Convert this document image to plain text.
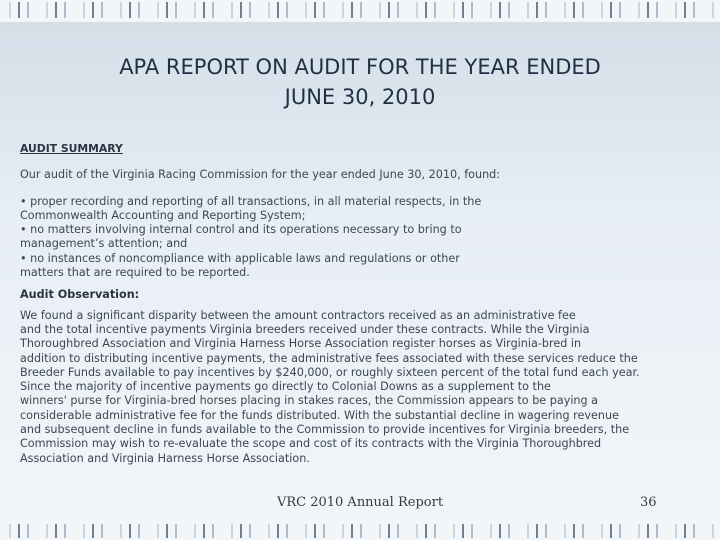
APA REPORT ON AUDIT FOR THE YEAR ENDED
JUNE 30, 2010
AUDIT SUMMARY

Our audit of the Virginia Racing Commission for the year ended June 30, 2010, found:

• proper recording and reporting of all transactions, in all material respects, in the
Commonwealth Accounting and Reporting System;
• no matters involving internal control and its operations necessary to bring to
management’s attention; and
• no instances of noncompliance with applicable laws and regulations or other
matters that are required to be reported.
Audit Observation:
We found a significant disparity between the amount contractors received as an administrative fee
and the total incentive payments Virginia breeders received under these contracts. While the Virginia
Thoroughbred Association and Virginia Harness Horse Association register horses as Virginia-bred in
addition to distributing incentive payments, the administrative fees associated with these services reduce the
Breeder Funds available to pay incentives by $240,000, or roughly sixteen percent of the total fund each year.
Since the majority of incentive payments go directly to Colonial Downs as a supplement to the
winners' purse for Virginia-bred horses placing in stakes races, the Commission appears to be paying a
considerable administrative fee for the funds distributed. With the substantial decline in wagering revenue
and subsequent decline in funds available to the Commission to provide incentives for Virginia breeders, the
Commission may wish to re-evaluate the scope and cost of its contracts with the Virginia Thoroughbred
Association and Virginia Harness Horse Association.
VRC 2010 Annual Report	36
